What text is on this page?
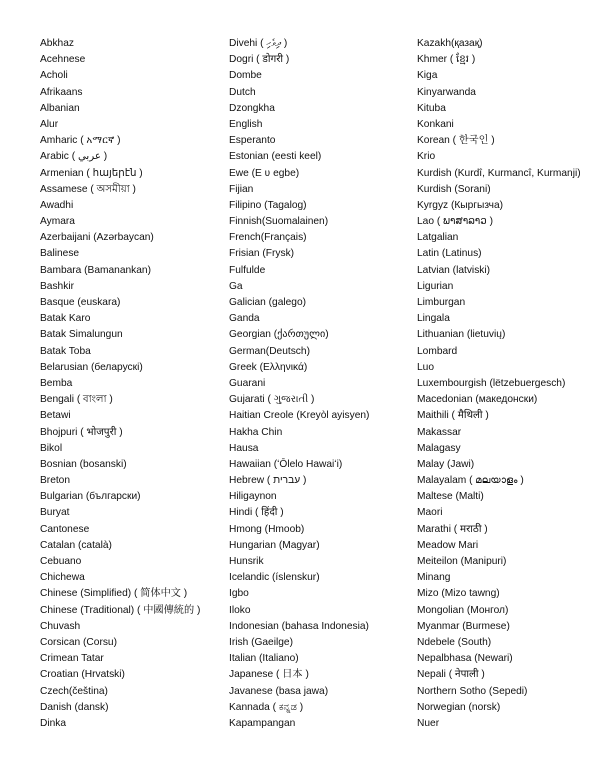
Abkhaz
Acehnese
Acholi
Afrikaans
Albanian
Alur
Amharic ( አማርኛ )
Arabic ( عربي )
Armenian ( հայերէն )
Assamese ( অসমীয়া )
Awadhi
Aymara
Azerbaijani (Azərbaycan)
Balinese
Bambara (Bamanankan)
Bashkir
Basque (euskara)
Batak Karo
Batak Simalungun
Batak Toba
Belarusian (беларускі)
Bemba
Bengali ( বাংলা )
Betawi
Bhojpuri ( भोजपुरी )
Bikol
Bosnian (bosanski)
Breton
Bulgarian (български)
Buryat
Cantonese
Catalan (català)
Cebuano
Chichewa
Chinese (Simplified) ( 简体中文 )
Chinese (Traditional) ( 中國傳統的 )
Chuvash
Corsican (Corsu)
Crimean Tatar
Croatian (Hrvatski)
Czech(čeština)
Danish (dansk)
Dinka
Divehi ( ދިވެހި )
Dogri ( डोगरी )
Dombe
Dutch
Dzongkha
English
Esperanto
Estonian (eesti keel)
Ewe (E ʋ egbe)
Fijian
Filipino (Tagalog)
Finnish(Suomalainen)
French(Français)
Frisian (Frysk)
Fulfulde
Ga
Galician (galego)
Ganda
Georgian (ქართული)
German(Deutsch)
Greek (Ελληνικά)
Guarani
Gujarati ( ગુજરાતી )
Haitian Creole (Kreyòl ayisyen)
Hakha Chin
Hausa
Hawaiian (ʻŌlelo Hawaiʻi)
Hebrew ( עברית )
Hiligaynon
Hindi ( हिंदी )
Hmong (Hmoob)
Hungarian (Magyar)
Hunsrik
Icelandic (íslenskur)
Igbo
Iloko
Indonesian (bahasa Indonesia)
Irish (Gaeilge)
Italian (Italiano)
Japanese ( 日本 )
Javanese (basa jawa)
Kannada ( ಕನ್ನಡ )
Kapampangan
Kazakh(қазақ)
Khmer ( ខ្មែរ )
Kiga
Kinyarwanda
Kituba
Konkani
Korean ( 한국인 )
Krio
Kurdish (Kurdî, Kurmancî, Kurmanji)
Kurdish (Sorani)
Kyrgyz (Кыргызча)
Lao ( ພາສາລາວ )
Latgalian
Latin (Latinus)
Latvian (latviski)
Ligurian
Limburgan
Lingala
Lithuanian (lietuvių)
Lombard
Luo
Luxembourgish (lëtzebuergesch)
Macedonian (македонски)
Maithili ( मैथिली )
Makassar
Malagasy
Malay (Jawi)
Malayalam ( മലയാളം )
Maltese (Malti)
Maori
Marathi ( मराठी )
Meadow Mari
Meiteilon (Manipuri)
Minang
Mizo (Mizo tawng)
Mongolian (Монгол)
Myanmar (Burmese)
Ndebele (South)
Nepalbhasa (Newari)
Nepali ( नेपाली )
Northern Sotho (Sepedi)
Norwegian (norsk)
Nuer
